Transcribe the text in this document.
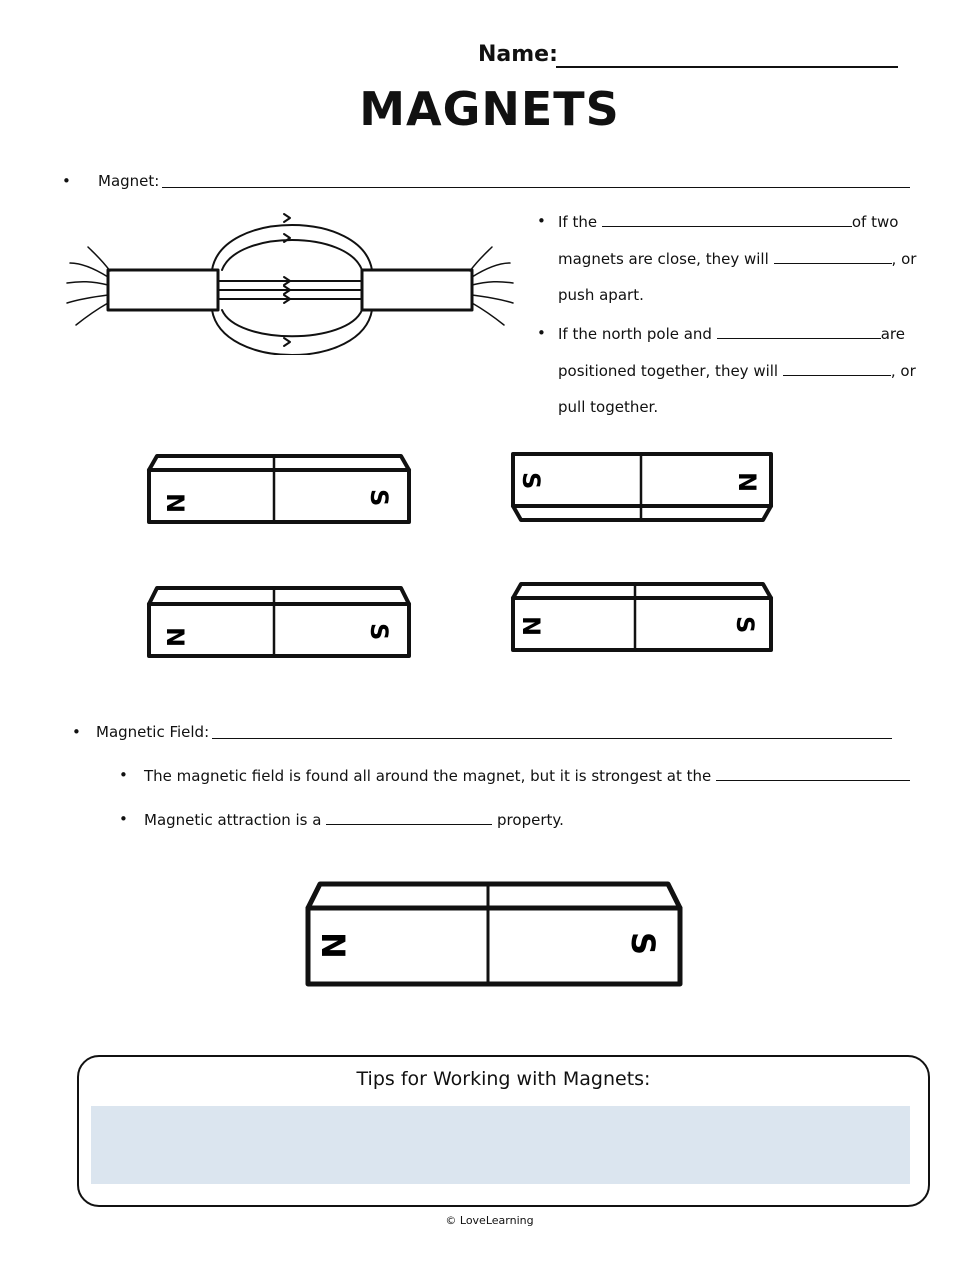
Name:
MAGNETS
• Magnet:
• If the	of two
magnets are close, they will	, or
push apart.
• If the north pole and	are
positioned together, they will	, or
pull together.
N	S
S	N
N	S	N	S
• Magnetic Field:
• The magnetic field is found all around the magnet, but it is strongest at the
• Magnetic attraction is a	property.
N	S
Tips for Working with Magnets:
© LoveLearning
